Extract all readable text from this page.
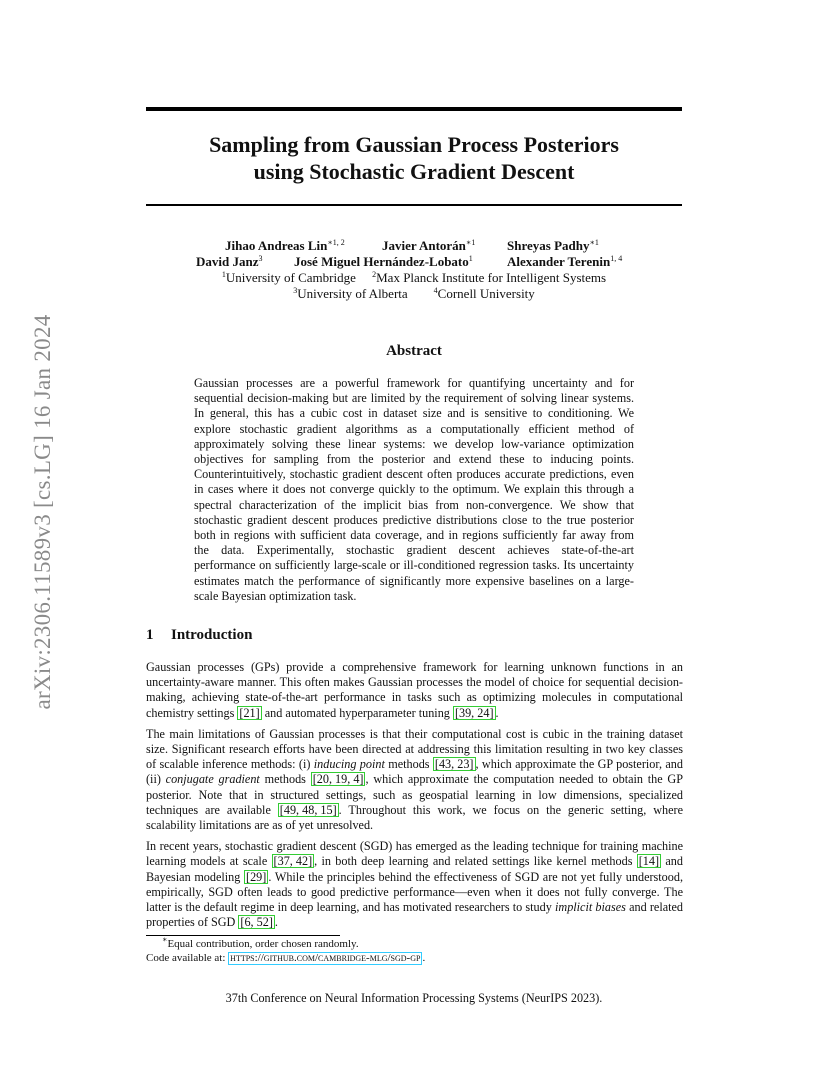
Sampling from Gaussian Process Posteriors
using Stochastic Gradient Descent
arXiv:2306.11589v3 [cs.LG] 16 Jan 2024
Jihao Andreas Lin$^{∗1, 2}$	Javier Antorán$^{∗1}$ Shreyas Padhy$^{∗1}$
David Janz$^3$ José Miguel Hernández-Lobato$^1$	Alexander Terenin$^{1, 4}$
$^1$University of Cambridge $^2$Max Planck Institute for Intelligent Systems
$^3$University of Alberta	$^4$Cornell University
Abstract
Gaussian processes are a powerful framework for quantifying uncertainty and for sequential decision-making but are limited by the requirement of solving linear systems. In general, this has a cubic cost in dataset size and is sensitive to conditioning. We explore stochastic gradient algorithms as a computationally efficient method of approximately solving these linear systems: we develop low-variance optimization objectives for sampling from the posterior and extend these to inducing points. Counterintuitively, stochastic gradient descent often produces accurate predictions, even in cases where it does not converge quickly to the optimum. We explain this through a spectral characterization of the implicit bias from non-convergence. We show that stochastic gradient descent produces predictive distributions close to the true posterior both in regions with sufficient data coverage, and in regions sufficiently far away from the data. Experimentally, stochastic gradient descent achieves state-of-the-art performance on sufficiently large-scale or ill-conditioned regression tasks. Its uncertainty estimates match the performance of significantly more expensive baselines on a large-scale Bayesian optimization task.
1 Introduction

Gaussian processes (GPs) provide a comprehensive framework for learning unknown functions in an uncertainty-aware manner. This often makes Gaussian processes the model of choice for sequential decision-making, achieving state-of-the-art performance in tasks such as optimizing molecules in computational chemistry settings [21] and automated hyperparameter tuning [39, 24] .

The main limitations of Gaussian processes is that their computational cost is cubic in the training dataset size. Significant research efforts have been directed at addressing this limitation resulting in two key classes of scalable inference methods: (i) inducing point methods [43, 23] , which approximate the GP posterior, and (ii) conjugate gradient methods [20, 19, 4] , which approximate the computation needed to obtain the GP posterior. Note that in structured settings, such as geospatial learning in low dimensions, specialized techniques are available [49, 48, 15] . Throughout this work, we focus on the generic setting, where scalability limitations are as of yet unresolved.

In recent years, stochastic gradient descent (SGD) has emerged as the leading technique for training machine learning models at scale [37, 42] , in both deep learning and related settings like kernel methods [14] and Bayesian modeling [29] . While the principles behind the effectiveness of SGD are not yet fully understood, empirically, SGD often leads to good predictive performance—even when it does not fully converge. The latter is the default regime in deep learning, and has motivated researchers to study implicit biases and related properties of SGD [6, 52] .

∗Equal contribution, order chosen randomly.
Code available at: https://github.com/cambridge-mlg/sgd-gp .
37th Conference on Neural Information Processing Systems (NeurIPS 2023).
